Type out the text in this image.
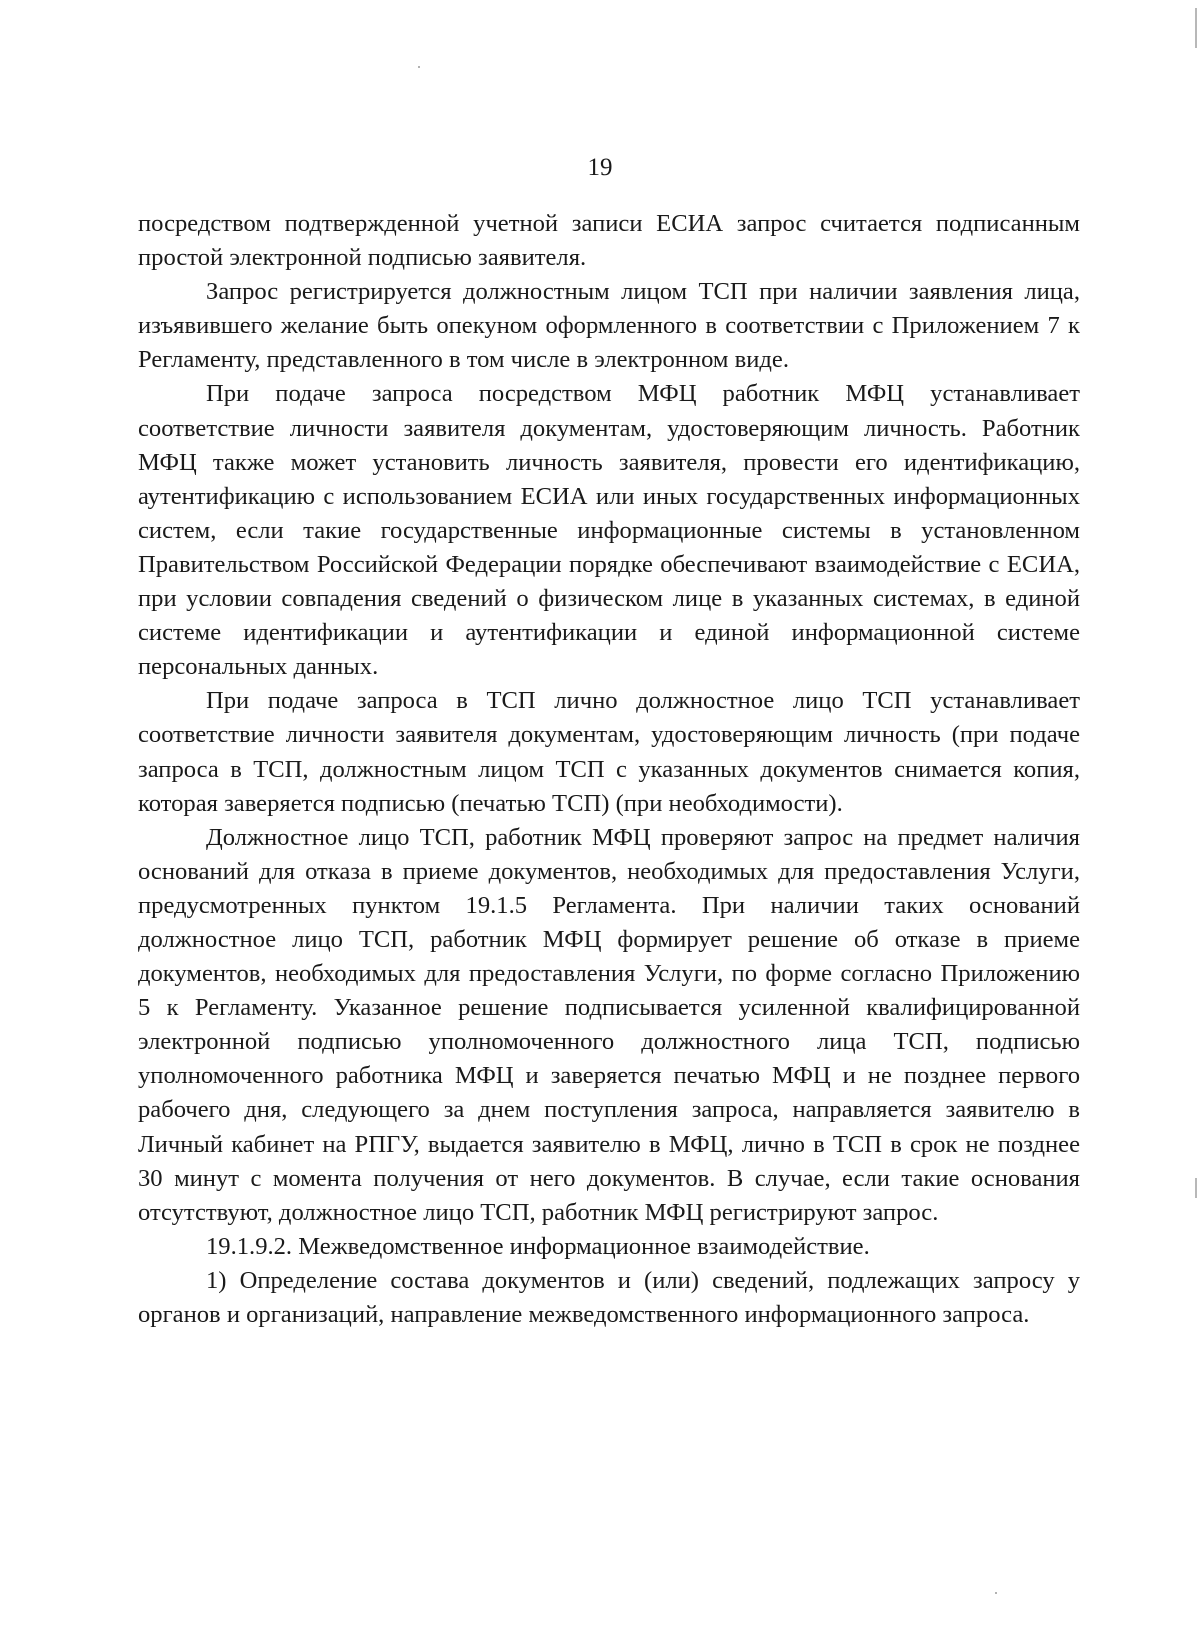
19

посредством подтвержденной учетной записи ЕСИА запрос считается подписанным простой электронной подписью заявителя.

Запрос регистрируется должностным лицом ТСП при наличии заявления лица, изъявившего желание быть опекуном оформленного в соответствии с Приложением 7 к Регламенту, представленного в том числе в электронном виде.

При подаче запроса посредством МФЦ работник МФЦ устанавливает соответствие личности заявителя документам, удостоверяющим личность. Работник МФЦ также может установить личность заявителя, провести его идентификацию, аутентификацию с использованием ЕСИА или иных государственных информационных систем, если такие государственные информационные системы в установленном Правительством Российской Федерации порядке обеспечивают взаимодействие с ЕСИА, при условии совпадения сведений о физическом лице в указанных системах, в единой системе идентификации и аутентификации и единой информационной системе персональных данных.

При подаче запроса в ТСП лично должностное лицо ТСП устанавливает соответствие личности заявителя документам, удостоверяющим личность (при подаче запроса в ТСП, должностным лицом ТСП с указанных документов снимается копия, которая заверяется подписью (печатью ТСП) (при необходимости).

Должностное лицо ТСП, работник МФЦ проверяют запрос на предмет наличия оснований для отказа в приеме документов, необходимых для предоставления Услуги, предусмотренных пунктом 19.1.5 Регламента. При наличии таких оснований должностное лицо ТСП, работник МФЦ формирует решение об отказе в приеме документов, необходимых для предоставления Услуги, по форме согласно Приложению 5 к Регламенту. Указанное решение подписывается усиленной квалифицированной электронной подписью уполномоченного должностного лица ТСП, подписью уполномоченного работника МФЦ и заверяется печатью МФЦ и не позднее первого рабочего дня, следующего за днем поступления запроса, направляется заявителю в Личный кабинет на РПГУ, выдается заявителю в МФЦ, лично в ТСП в срок не позднее 30 минут с момента получения от него документов. В случае, если такие основания отсутствуют, должностное лицо ТСП, работник МФЦ регистрируют запрос.

19.1.9.2. Межведомственное информационное взаимодействие.

1) Определение состава документов и (или) сведений, подлежащих запросу у органов и организаций, направление межведомственного информационного запроса.
